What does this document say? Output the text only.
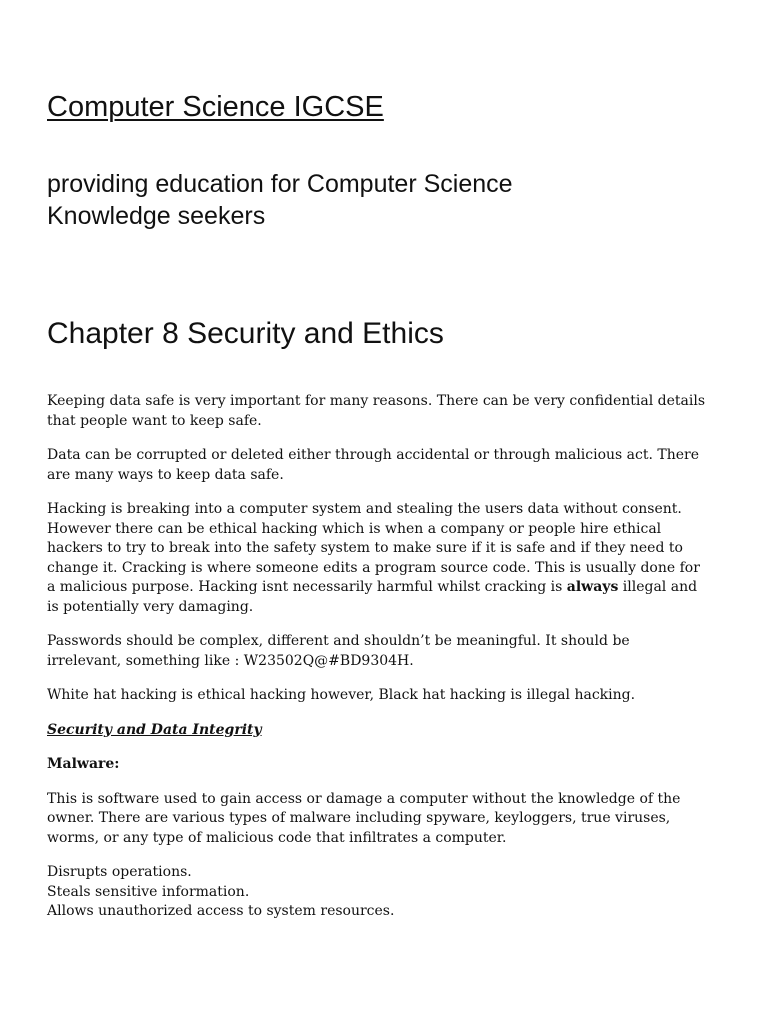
Computer Science IGCSE

providing education for Computer Science
Knowledge seekers

Chapter 8 Security and Ethics

Keeping data safe is very important for many reasons. There can be very confidential details
that people want to keep safe.

Data can be corrupted or deleted either through accidental or through malicious act. There
are many ways to keep data safe.

Hacking is breaking into a computer system and stealing the users data without consent.
However there can be ethical hacking which is when a company or people hire ethical
hackers to try to break into the safety system to make sure if it is safe and if they need to
change it. Cracking is where someone edits a program source code. This is usually done for
a malicious purpose. Hacking isnt necessarily harmful whilst cracking is always illegal and
is potentially very damaging.

Passwords should be complex, different and shouldn’t be meaningful. It should be
irrelevant, something like : W23502Q@#BD9304H.

White hat hacking is ethical hacking however, Black hat hacking is illegal hacking.

Security and Data Integrity

Malware:

This is software used to gain access or damage a computer without the knowledge of the
owner. There are various types of malware including spyware, keyloggers, true viruses,
worms, or any type of malicious code that infiltrates a computer.

Disrupts operations.
Steals sensitive information.
Allows unauthorized access to system resources.
